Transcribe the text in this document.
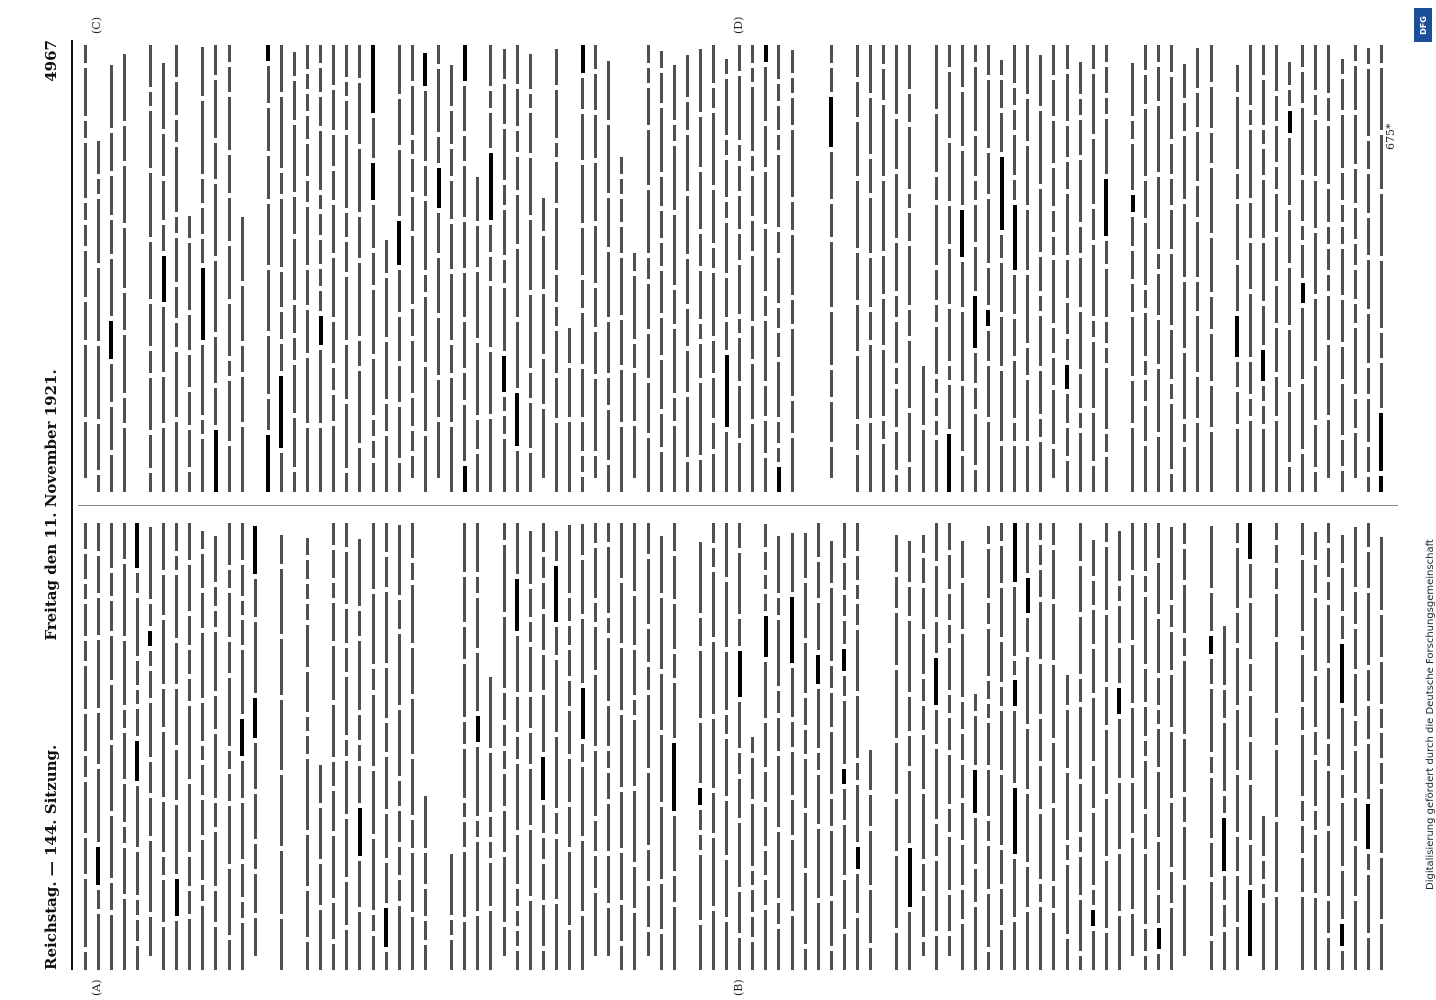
Reichstag. — 144. Sitzung.
Freitag den 11. November 1921.
4967
(A)	(B)
(C)	(D)
675*
DFG
Digitalisierung gefördert durch die Deutsche Forschungsgemeinschaft
